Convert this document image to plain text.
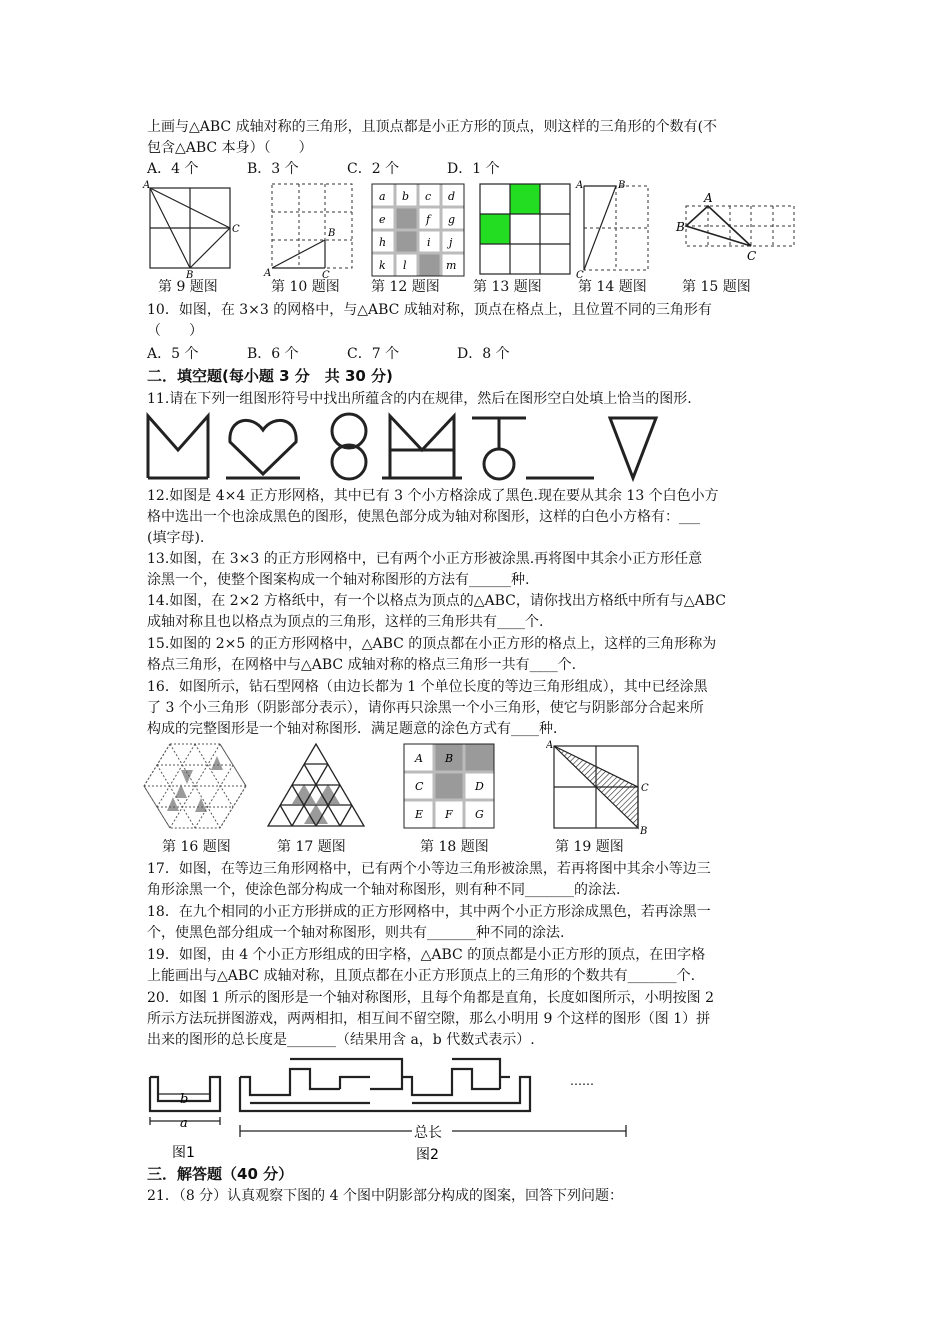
上画与△ABC 成轴对称的三角形，且顶点都是小正方形的顶点，则这样的三角形的个数有(不
包含△ABC 本身）（　　）
A．4 个	B．3 个	C．2 个	D．1 个
A
C
B	A
B
C
a b c d
e	f g
h	i j
k l	m
A	B
C
A
B
C
第 9 题图	第 10 题图 第 12 题图 第 13 题图	第 14 题图	第 15 题图
10．如图，在 3×3 的网格中，与△ABC 成轴对称，顶点在格点上，且位置不同的三角形有
（　　）
A．5 个	B．6 个	C．7 个	D．8 个
二．填空题(每小题 3 分　共 30 分)
11.请在下列一组图形符号中找出所蕴含的内在规律，然后在图形空白处填上恰当的图形.
12.如图是 4×4 正方形网格，其中已有 3 个小方格涂成了黑色.现在要从其余 13 个白色小方
格中选出一个也涂成黑色的图形，使黑色部分成为轴对称图形，这样的白色小方格有：___
(填字母).
13.如图，在 3×3 的正方形网格中，已有两个小正方形被涂黑.再将图中其余小正方形任意
涂黑一个，使整个图案构成一个轴对称图形的方法有______种.
14.如图，在 2×2 方格纸中，有一个以格点为顶点的△ABC，请你找出方格纸中所有与△ABC
成轴对称且也以格点为顶点的三角形，这样的三角形共有____个.
15.如图的 2×5 的正方形网格中，△ABC 的顶点都在小正方形的格点上，这样的三角形称为
格点三角形，在网格中与△ABC 成轴对称的格点三角形一共有____个.
16．如图所示，钻石型网格（由边长都为 1 个单位长度的等边三角形组成），其中已经涂黑
了 3 个小三角形（阴影部分表示），请你再只涂黑一个小三角形，使它与阴影部分合起来所
构成的完整图形是一个轴对称图形．满足题意的涂色方式有____种．
A B
C	D
E F G
A
C
B
第 16 题图	第 17 题图	第 18 题图	第 19 题图
17．如图，在等边三角形网格中，已有两个小等边三角形被涂黑，若再将图中其余小等边三
角形涂黑一个，使涂色部分构成一个轴对称图形，则有种不同_______的涂法.
18．在九个相同的小正方形拼成的正方形网格中，其中两个小正方形涂成黑色，若再涂黑一
个，使黑色部分组成一个轴对称图形，则共有_______种不同的涂法.
19．如图，由 4 个小正方形组成的田字格，△ABC 的顶点都是小正方形的顶点，在田字格
上能画出与△ABC 成轴对称，且顶点都在小正方形顶点上的三角形的个数共有_______个.
20．如图 1 所示的图形是一个轴对称图形，且每个角都是直角，长度如图所示，小明按图 2
所示方法玩拼图游戏，两两相扣，相互间不留空隙，那么小明用 9 个这样的图形（图 1）拼
出来的图形的总长度是_______（结果用含 a，b 代数式表示）.
b
a
……
总长
图1	图2
三．解答题（40 分）
21．（8 分）认真观察下图的 4 个图中阴影部分构成的图案，回答下列问题：
